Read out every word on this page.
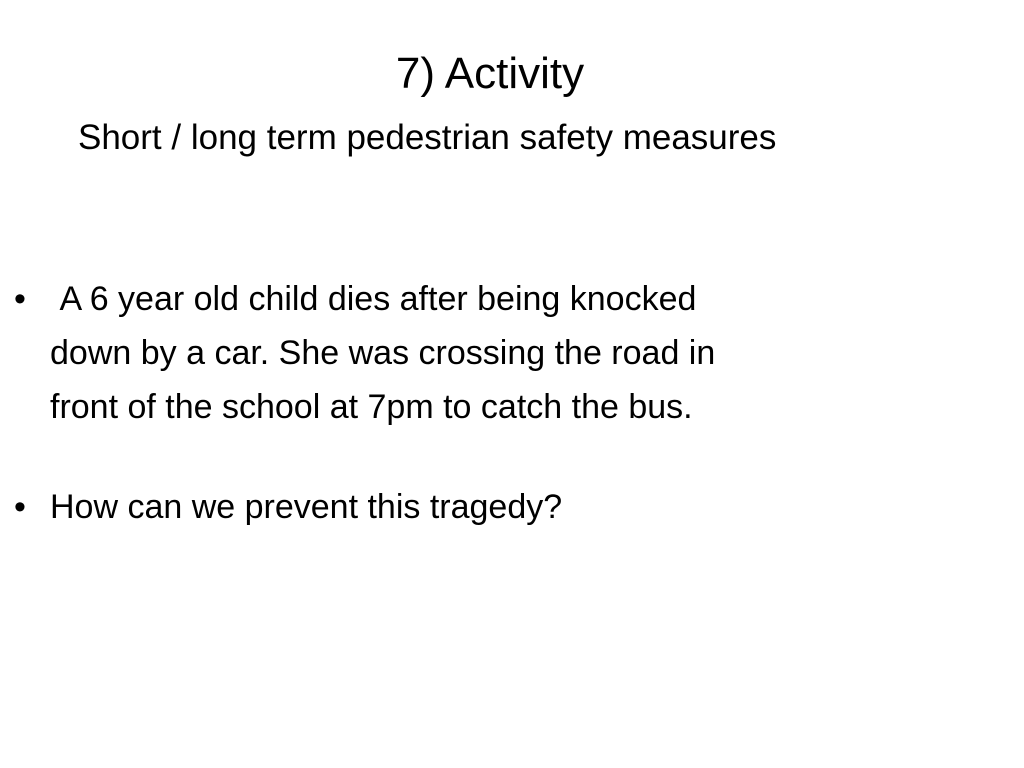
7) Activity
Short / long term pedestrian safety measures
• A 6 year old child dies after being knocked
down by a car. She was crossing the road in
front of the school at 7pm to catch the bus.
• How can we prevent this tragedy?
